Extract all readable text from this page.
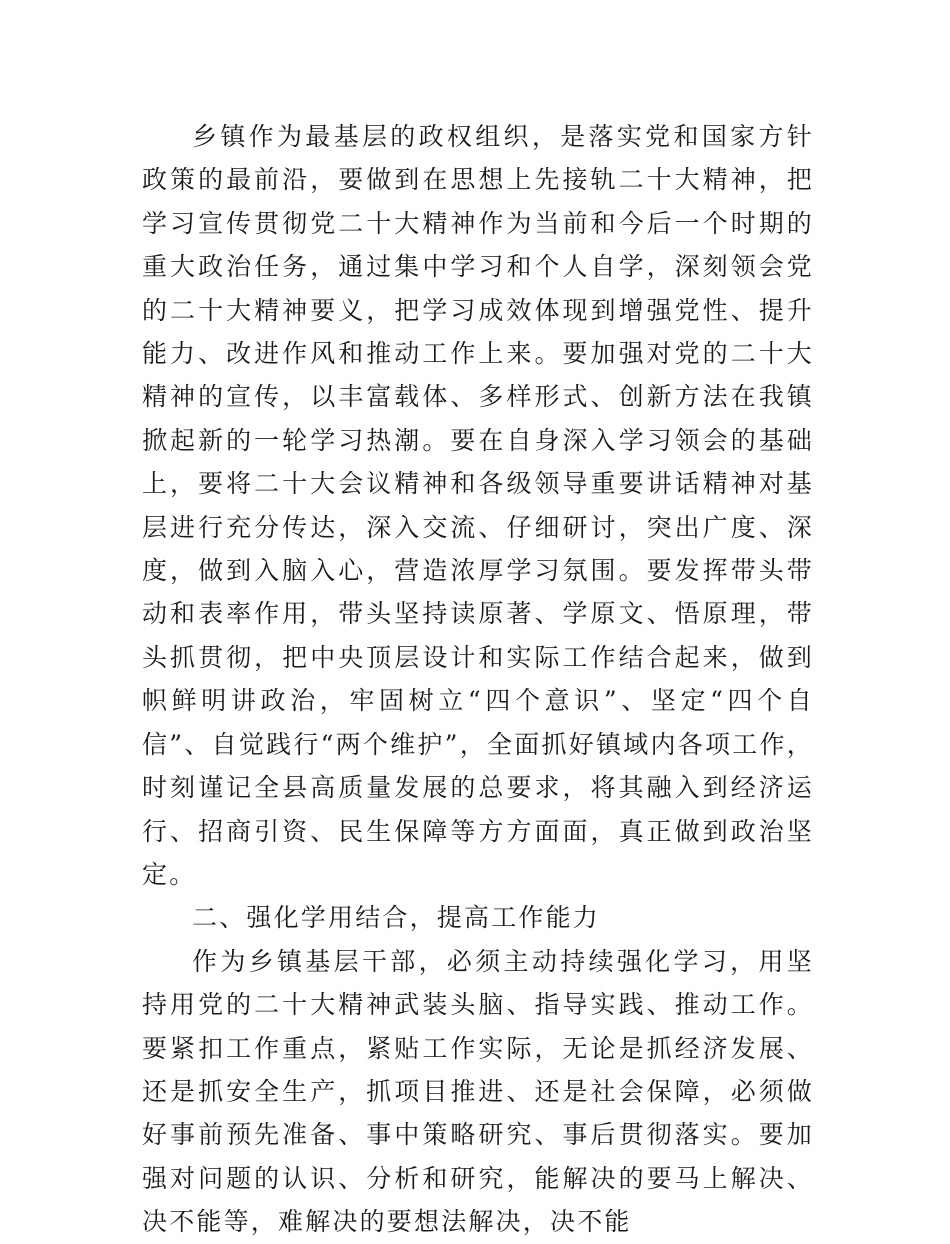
乡镇作为最基层的政权组织，是落实党和国家方针政策的最前沿，要做到在思想上先接轨二十大精神，把学习宣传贯彻党二十大精神作为当前和今后一个时期的重大政治任务，通过集中学习和个人自学，深刻领会党的二十大精神要义，把学习成效体现到增强党性、提升能力、改进作风和推动工作上来。要加强对党的二十大精神的宣传，以丰富载体、多样形式、创新方法在我镇掀起新的一轮学习热潮。要在自身深入学习领会的基础上，要将二十大会议精神和各级领导重要讲话精神对基层进行充分传达，深入交流、仔细研讨，突出广度、深度，做到入脑入心，营造浓厚学习氛围。要发挥带头带动和表率作用，带头坚持读原著、学原文、悟原理，带头抓贯彻，把中央顶层设计和实际工作结合起来，做到帜鲜明讲政治，牢固树立“四个意识”、坚定“四个自信”、自觉践行“两个维护”，全面抓好镇域内各项工作，时刻谨记全县高质量发展的总要求，将其融入到经济运行、招商引资、民生保障等方方面面，真正做到政治坚定。

二、强化学用结合，提高工作能力

作为乡镇基层干部，必须主动持续强化学习，用坚持用党的二十大精神武装头脑、指导实践、推动工作。要紧扣工作重点，紧贴工作实际，无论是抓经济发展、还是抓安全生产，抓项目推进、还是社会保障，必须做好事前预先准备、事中策略研究、事后贯彻落实。要加强对问题的认识、分析和研究，能解决的要马上解决、决不能等，难解决的要想法解决，决不能
